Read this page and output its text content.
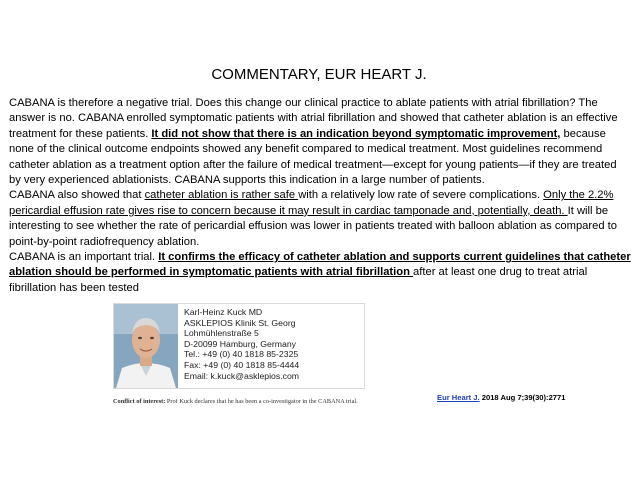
COMMENTARY, EUR HEART J.

CABANA is therefore a negative trial. Does this change our clinical practice to ablate patients with atrial fibrillation? The answer is no. CABANA enrolled symptomatic patients with atrial fibrillation and showed that catheter ablation is an effective treatment for these patients. It did not show that there is an indication beyond symptomatic improvement, because none of the clinical outcome endpoints showed any benefit compared to medical treatment. Most guidelines recommend catheter ablation as a treatment option after the failure of medical treatment—except for young patients—if they are treated by very experienced ablationists. CABANA supports this indication in a large number of patients.

CABANA also showed that catheter ablation is rather safe with a relatively low rate of severe complications. Only the 2.2% pericardial effusion rate gives rise to concern because it may result in cardiac tamponade and, potentially, death. It will be interesting to see whether the rate of pericardial effusion was lower in patients treated with balloon ablation as compared to point-by-point radiofrequency ablation.

CABANA is an important trial. It confirms the efficacy of catheter ablation and supports current guidelines that catheter ablation should be performed in symptomatic patients with atrial fibrillation after at least one drug to treat atrial fibrillation has been tested

Karl-Heinz Kuck MD
ASKLEPIOS Klinik St. Georg
Lohmühlenstraße 5
D-20099 Hamburg, Germany
Tel.: +49 (0) 40 1818 85-2325
Fax: +49 (0) 40 1818 85-4444
Email: k.kuck@asklepios.com
Conflict of interest: Prof Kuck declares that he has been a co-investigator in the CABANA trial.	Eur Heart J. 2018 Aug 7;39(30):2771
